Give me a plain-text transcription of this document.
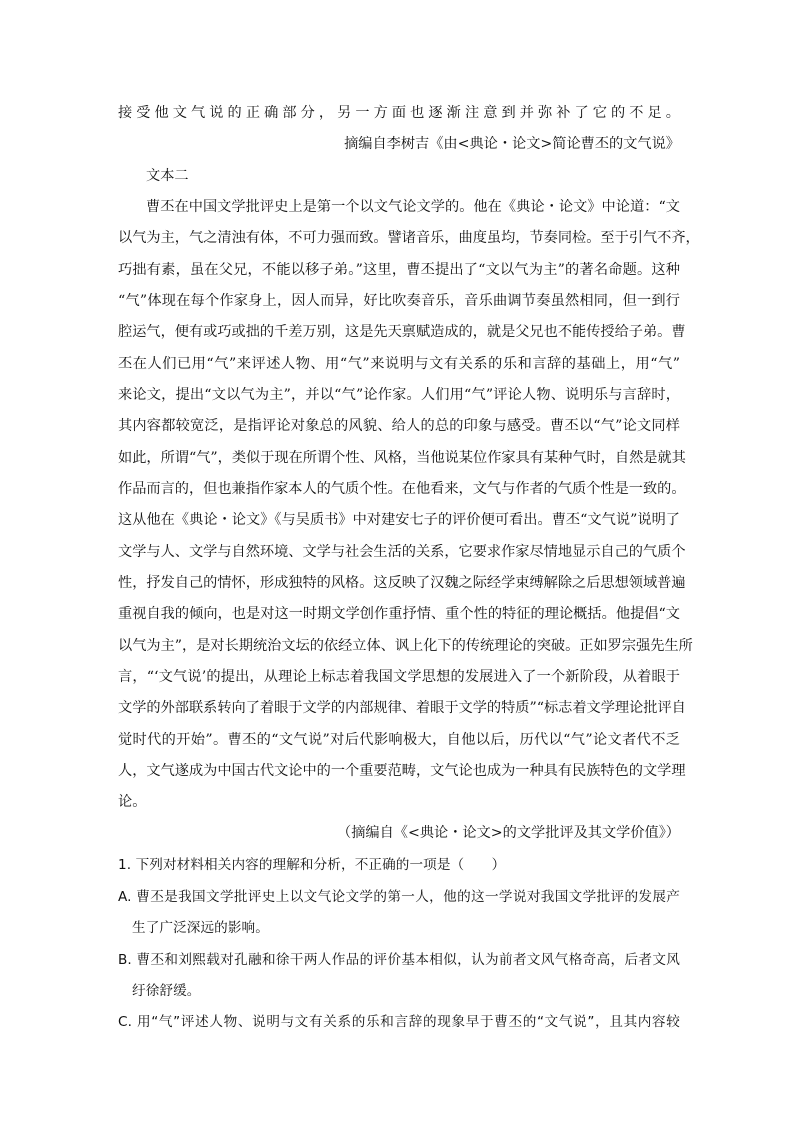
接受他文气说的正确部分，另一方面也逐渐注意到并弥补了它的不足。
摘编自李树吉《由<典论・论文>简论曹丕的文气说》
文本二
曹丕在中国文学批评史上是第一个以文气论文学的。他在《典论・论文》中论道：“文
以气为主，气之清浊有体，不可力强而致。譬诸音乐，曲度虽均，节奏同检。至于引气不齐，
巧拙有素，虽在父兄，不能以移子弟。”这里，曹丕提出了“文以气为主”的著名命题。这种
“气”体现在每个作家身上，因人而异，好比吹奏音乐，音乐曲调节奏虽然相同，但一到行
腔运气，便有或巧或拙的千差万别，这是先天禀赋造成的，就是父兄也不能传授给子弟。曹
丕在人们已用“气”来评述人物、用“气”来说明与文有关系的乐和言辞的基础上，用“气”
来论文，提出“文以气为主”，并以“气”论作家。人们用“气”评论人物、说明乐与言辞时，
其内容都较宽泛，是指评论对象总的风貌、给人的总的印象与感受。曹丕以“气”论文同样
如此，所谓“气”，类似于现在所谓个性、风格，当他说某位作家具有某种气时，自然是就其
作品而言的，但也兼指作家本人的气质个性。在他看来，文气与作者的气质个性是一致的。
这从他在《典论・论文》《与吴质书》中对建安七子的评价便可看出。曹丕“文气说”说明了
文学与人、文学与自然环境、文学与社会生活的关系，它要求作家尽情地显示自己的气质个
性，抒发自己的情怀，形成独特的风格。这反映了汉魏之际经学束缚解除之后思想领域普遍
重视自我的倾向，也是对这一时期文学创作重抒情、重个性的特征的理论概括。他提倡“文
以气为主”，是对长期统治文坛的依经立体、讽上化下的传统理论的突破。正如罗宗强先生所
言，“‘文气说’的提出，从理论上标志着我国文学思想的发展进入了一个新阶段，从着眼于
文学的外部联系转向了着眼于文学的内部规律、着眼于文学的特质”“标志着文学理论批评自
觉时代的开始”。曹丕的“文气说”对后代影响极大，自他以后，历代以“气”论文者代不乏
人，文气遂成为中国古代文论中的一个重要范畴，文气论也成为一种具有民族特色的文学理
论。
（摘编自《<典论・论文>的文学批评及其文学价值》）
1. 下列对材料相关内容的理解和分析，不正确的一项是（　　）
A. 曹丕是我国文学批评史上以文气论文学的第一人，他的这一学说对我国文学批评的发展产
生了广泛深远的影响。
B. 曹丕和刘熙载对孔融和徐干两人作品的评价基本相似，认为前者文风气格奇高，后者文风
纡徐舒缓。
C. 用“气”评述人物、说明与文有关系的乐和言辞的现象早于曹丕的“文气说”，且其内容较
